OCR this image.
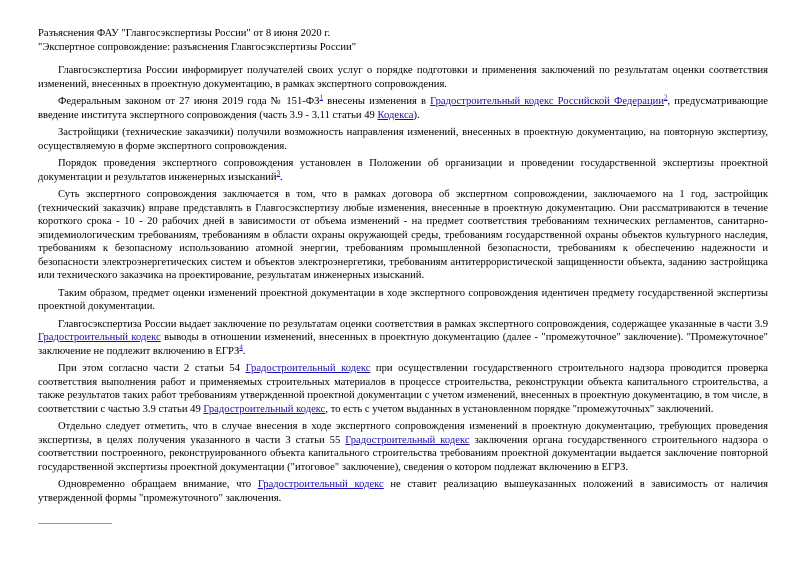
Разъяснения ФАУ "Главгосэкспертизы России" от 8 июня 2020 г.

"Экспертное сопровождение: разъяснения Главгосэкспертизы России"

Главгосэкспертиза России информирует получателей своих услуг о порядке подготовки и применения заключений по результатам оценки соответствия изменений, внесенных в проектную документацию, в рамках экспертного сопровождения.

Федеральным законом от 27 июня 2019 года № 151-ФЗ$^1$ внесены изменения в Градостроительный кодекс Российской Федерации$^2$, предусматривающие введение института экспертного сопровождения (часть 3.9 - 3.11 статьи 49 Кодекса).

Застройщики (технические заказчики) получили возможность направления изменений, внесенных в проектную документацию, на повторную экспертизу, осуществляемую в форме экспертного сопровождения.

Порядок проведения экспертного сопровождения установлен в Положении об организации и проведении государственной экспертизы проектной документации и результатов инженерных изысканий$^3$.

Суть экспертного сопровождения заключается в том, что в рамках договора об экспертном сопровождении, заключаемого на 1 год, застройщик (технический заказчик) вправе представлять в Главгосэкспертизу любые изменения, внесенные в проектную документацию. Они рассматриваются в течение короткого срока - 10 - 20 рабочих дней в зависимости от объема изменений - на предмет соответствия требованиям технических регламентов, санитарно-эпидемиологическим требованиям, требованиям в области охраны окружающей среды, требованиям государственной охраны объектов культурного наследия, требованиям к безопасному использованию атомной энергии, требованиям промышленной безопасности, требованиям к обеспечению надежности и безопасности электроэнергетических систем и объектов электроэнергетики, требованиям антитеррористической защищенности объекта, заданию застройщика или технического заказчика на проектирование, результатам инженерных изысканий.

Таким образом, предмет оценки изменений проектной документации в ходе экспертного сопровождения идентичен предмету государственной экспертизы проектной документации.

Главгосэкспертиза России выдает заключение по результатам оценки соответствия в рамках экспертного сопровождения, содержащее указанные в части 3.9 Градостроительный кодекс выводы в отношении изменений, внесенных в проектную документацию (далее - "промежуточное" заключение). "Промежуточное" заключение не подлежит включению в ЕГРЗ$^4$.

При этом согласно части 2 статьи 54 Градостроительный кодекс при осуществлении государственного строительного надзора проводится проверка соответствия выполнения работ и применяемых строительных материалов в процессе строительства, реконструкции объекта капитального строительства, а также результатов таких работ требованиям утвержденной проектной документации с учетом изменений, внесенных в проектную документацию, в том числе, в соответствии с частью 3.9 статьи 49 Градостроительный кодекс, то есть с учетом выданных в установленном порядке "промежуточных" заключений.

Отдельно следует отметить, что в случае внесения в ходе экспертного сопровождения изменений в проектную документацию, требующих проведения экспертизы, в целях получения указанного в части 3 статьи 55 Градостроительный кодекс заключения органа государственного строительного надзора о соответствии построенного, реконструированного объекта капитального строительства требованиям проектной документации выдается заключение повторной государственной экспертизы проектной документации ("итоговое" заключение), сведения о котором подлежат включению в ЕГРЗ.

Одновременно обращаем внимание, что Градостроительный кодекс не ставит реализацию вышеуказанных положений в зависимость от наличия утвержденной формы "промежуточного" заключения.
